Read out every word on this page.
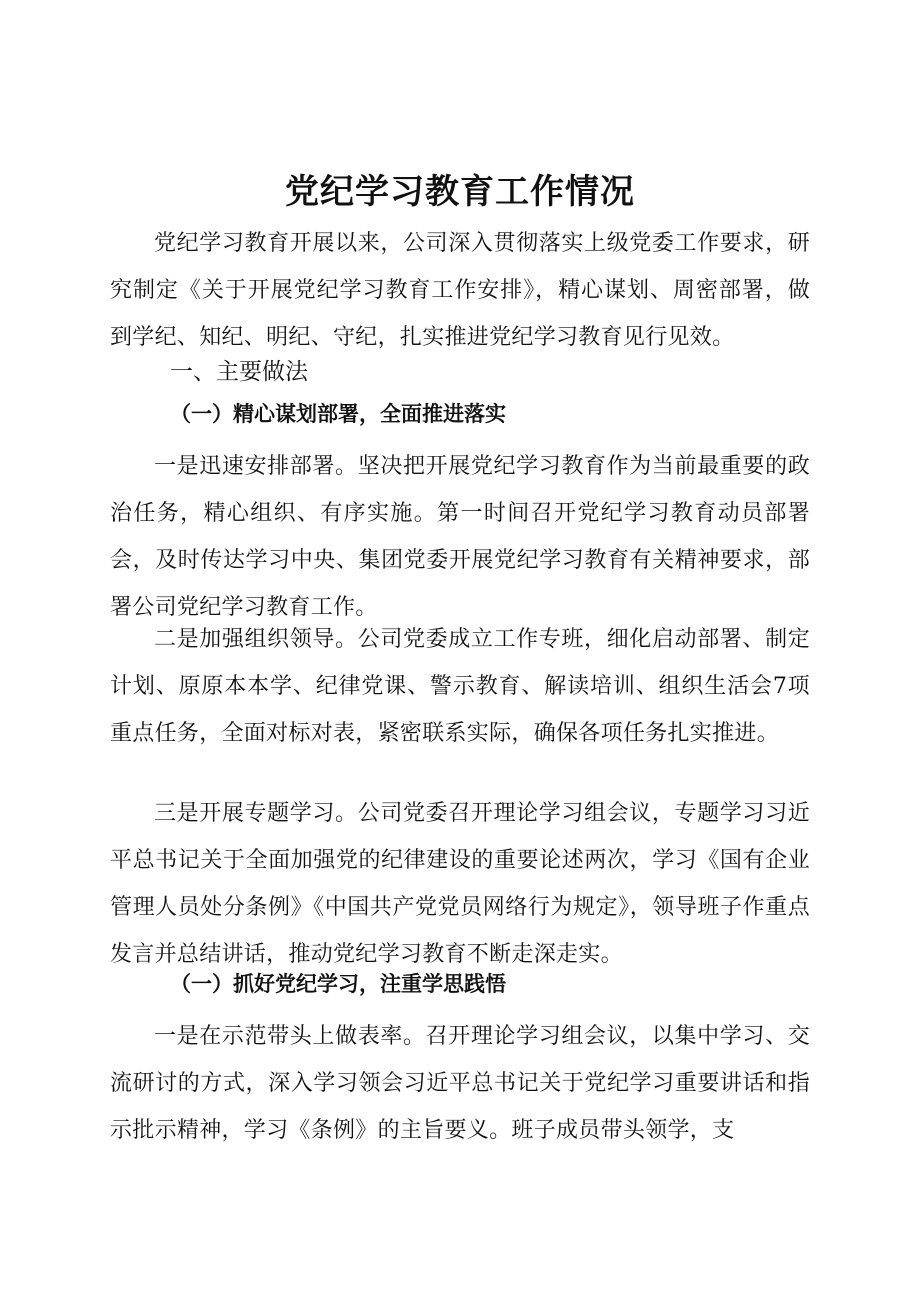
党纪学习教育工作情况

党纪学习教育开展以来，公司深入贯彻落实上级党委工作要求，研究制定《关于开展党纪学习教育工作安排》，精心谋划、周密部署，做到学纪、知纪、明纪、守纪，扎实推进党纪学习教育见行见效。

一、主要做法
（一）精心谋划部署，全面推进落实

一是迅速安排部署。坚决把开展党纪学习教育作为当前最重要的政治任务，精心组织、有序实施。第一时间召开党纪学习教育动员部署会，及时传达学习中央、集团党委开展党纪学习教育有关精神要求，部署公司党纪学习教育工作。

二是加强组织领导。公司党委成立工作专班，细化启动部署、制定计划、原原本本学、纪律党课、警示教育、解读培训、组织生活会7项重点任务，全面对标对表，紧密联系实际，确保各项任务扎实推进。

三是开展专题学习。公司党委召开理论学习组会议，专题学习习近平总书记关于全面加强党的纪律建设的重要论述两次，学习《国有企业管理人员处分条例》《中国共产党党员网络行为规定》，领导班子作重点发言并总结讲话，推动党纪学习教育不断走深走实。

（一）抓好党纪学习，注重学思践悟

一是在示范带头上做表率。召开理论学习组会议，以集中学习、交流研讨的方式，深入学习领会习近平总书记关于党纪学习重要讲话和指示批示精神，学习《条例》的主旨要义。班子成员带头领学，支
